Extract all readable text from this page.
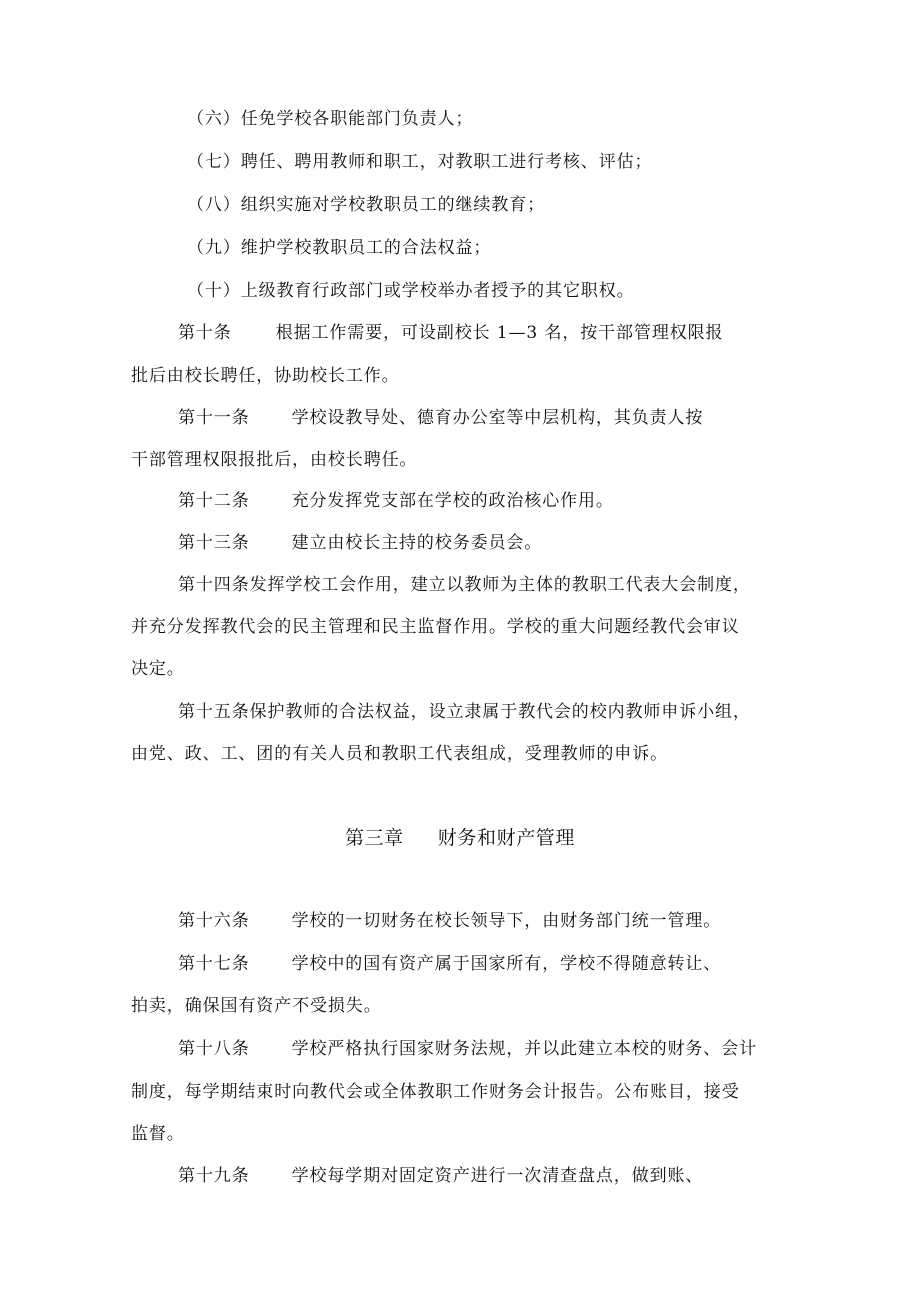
（六）任免学校各职能部门负责人；
（七）聘任、聘用教师和职工，对教职工进行考核、评估；
（八）组织实施对学校教职员工的继续教育；
（九）维护学校教职员工的合法权益；
（十）上级教育行政部门或学校举办者授予的其它职权。
第十条	根据工作需要，可设副校长 1—3 名，按干部管理权限报
批后由校长聘任，协助校长工作。
第十一条 学校设教导处、德育办公室等中层机构，其负责人按
干部管理权限报批后，由校长聘任。
第十二条 充分发挥党支部在学校的政治核心作用。
第十三条 建立由校长主持的校务委员会。
第十四条发挥学校工会作用，建立以教师为主体的教职工代表大会制度，
并充分发挥教代会的民主管理和民主监督作用。学校的重大问题经教代会审议
决定。
第十五条保护教师的合法权益，设立隶属于教代会的校内教师申诉小组，
由党、政、工、团的有关人员和教职工代表组成，受理教师的申诉。
第三章 财务和财产管理
第十六条 学校的一切财务在校长领导下，由财务部门统一管理。
第十七条 学校中的国有资产属于国家所有，学校不得随意转让、
拍卖，确保国有资产不受损失。
第十八条 学校严格执行国家财务法规，并以此建立本校的财务、会计
制度，每学期结束时向教代会或全体教职工作财务会计报告。公布账目，接受
监督。
第十九条 学校每学期对固定资产进行一次清查盘点，做到账、
